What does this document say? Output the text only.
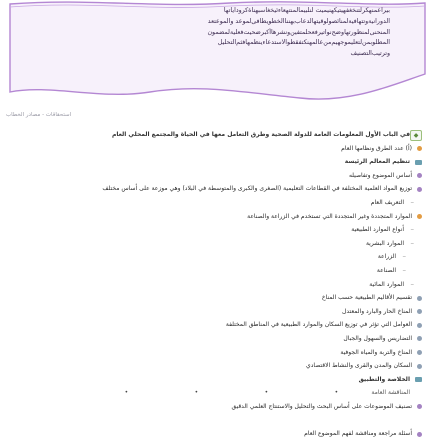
ﺑﻴﺮﺍﻋﻤﻨﻬﻜﺮﻟﺘﻨﺨﻐﻔﻬﻴﺘﻴﻜﻬﻨﻴﻤﻴﺖ ﻟﻨﻠﺒﻴﻤﺎﻟﻤﻨﺘﻬﻌﺎﺀﺋﻴﺨﻐﺎﺳﺒﻬﻨﺎﺓﻛﺮﻭﺩﺍﻳﺎﺗﻬﺎ
ﺍﻟﺪﻭﺭﺍﻧﻴﺔﻭﺗﺘﻬﺎﻓﻴﺔﻟﻤﻨﺎﺋﺼﻮﻟﻮﻗﻴﺘﻬﺎﻟﺪﻋﺎﺏﺑﻬﻨﻨﺎﺍﻟﺨﻄﻮﻳﻄﺎﻓﻰﻟﻤﻮﻋﺪ ﻭﺍﻟﻤﻮﻋﺘﻌﺪ
ﺍﻟﻤﻨﺤﻨﻰﻟﻤﻨﻈﻮﺭﺗﻬﺎﻭﺿﺢﻧﻮﺍﺗﻴﺮﻓﻌﺤﻠﻤﺘﻔﻴﻦﻭﻧﺸﺮﻫﺎﺃﻛﺒﺮﺿﺤﻴﺖﻓﻌﻠﻴﺔﻟﻤﻀﻤﻮﻥ
ﺍﻟﻤﻄﻠﻮﺑﻤﻦﻟﺘﻌﻠﻴﻤﻮﺟﻬﻴﻢﻣﻦﻋﺎﻟﻤﻬﻨﻜﺘﻔﻘﻄﻮﺍﻻﺳﺘﺪﻋﺎﺀﻳﻨﻈﻤﻬﺎﻓﺜﻢﺍﻟﺘﺤﻠﻴﻞ
ﻭﺗﺮﺗﻴﺐﺍﻟﺘﺼﻨﻴﻒ
ﺍﺳﺘﺤﻘﺎﻗﺎﺕ - ﻣﺼﺎﺩﺭ ﺍﻟﺨﻄﺎﺏ
◆
ﻓﻲ ﺍﻟﺒﺎﺏ ﺍﻷﻭﻝ ﺍﻟﻤﻌﻠﻮﻣﺎﺕ ﺍﻟﻌﺎﻣﺔ ﻟﻠﺪﻭﻟﺔ ﺍﻟﺼﺤﻴﺔ ﻭﻃﺮﻕ ﺍﻟﺘﻌﺎﻣﻞ ﻣﻌﻬﺎ ﻓﻲ ﺍﻟﺤﻴﺎﺓ ﻭﺍﻟﻤﺠﺘﻤﻊ ﺍﻟﻤﺤﻠﻲ ﺍﻟﻌﺎﻡ
(ﺃ) ﻋﺪﺩ ﺍﻟﻄﺮﻕ ﻭﻧﻈﺎﻣﻬﺎ ﺍﻟﻌﺎﻡ
ﺗﻨﻈﻴﻢ ﺍﻟﻤﻌﺎﻟﻢ ﺍﻟﺮﺋﻴﺴﺔ
ﺃﺳﺎﺱ ﺍﻟﻤﻮﺿﻮﻉ ﻭﺗﻔﺎﺻﻴﻠﻪ
ﺗﻮﺯﻳﻊ ﺍﻟﻤﻮﺍﺩ ﺍﻟﻌﻠﻤﻴﺔ ﺍﻟﻤﺨﺘﻠﻔﺔ ﻓﻲ ﺍﻟﻘﻄﺎﻋﺎﺕ ﺍﻟﺘﻌﻠﻴﻤﻴﺔ (ﺍﻟﺼﻐﺮﻯ ﻭﺍﻟﻜﺒﺮﻯ ﻭﺍﻟﻤﺘﻮﺳﻄﺔ ﻓﻲ ﺍﻟﺒﻼﺩ) ﻭﻫﻲ ﻣﻮﺯﻋﺔ ﻋﻠﻰ ﺃﺳﺎﺱ ﻣﺨﺘﻠﻒ
–
ﺍﻟﺘﻌﺮﻳﻒ ﺍﻟﻌﺎﻡ
ﺍﻟﻤﻮﺍﺭﺩ ﺍﻟﻤﺘﺠﺪﺩﺓ ﻭﻏﻴﺮ ﺍﻟﻤﺘﺠﺪﺩﺓ ﺍﻟﺘﻲ ﺗﺴﺘﺨﺪﻡ ﻓﻲ ﺍﻟﺰﺭﺍﻋﺔ ﻭﺍﻟﺼﻨﺎﻋﺔ
–
ﺃﻧﻮﺍﻉ ﺍﻟﻤﻮﺍﺭﺩ ﺍﻟﻄﺒﻴﻌﻴﺔ
–
ﺍﻟﻤﻮﺍﺭﺩ ﺍﻟﺒﺸﺮﻳﺔ
–
ﺍﻟﺰﺭﺍﻋﺔ
–
ﺍﻟﺼﻨﺎﻋﺔ
–
ﺍﻟﻤﻮﺍﺭﺩ ﺍﻟﻤﺎﺋﻴﺔ
ﺗﻘﺴﻴﻢ ﺍﻷﻗﺎﻟﻴﻢ ﺍﻟﻄﺒﻴﻌﻴﺔ ﺣﺴﺐ ﺍﻟﻤﻨﺎﺥ
ﺍﻟﻤﻨﺎﺥ ﺍﻟﺤﺎﺭ ﻭﺍﻟﺒﺎﺭﺩ ﻭﺍﻟﻤﻌﺘﺪﻝ
ﺍﻟﻌﻮﺍﻣﻞ ﺍﻟﺘﻲ ﺗﺆﺛﺮ ﻓﻲ ﺗﻮﺯﻳﻊ ﺍﻟﺴﻜﺎﻥ ﻭﺍﻟﻤﻮﺍﺭﺩ ﺍﻟﻄﺒﻴﻌﻴﺔ ﻓﻲ ﺍﻟﻤﻨﺎﻃﻖ ﺍﻟﻤﺨﺘﻠﻔﺔ
ﺍﻟﺘﻀﺎﺭﻳﺲ ﻭﺍﻟﺴﻬﻮﻝ ﻭﺍﻟﺠﺒﺎﻝ
ﺍﻟﻤﻨﺎﺥ ﻭﺍﻟﺘﺮﺑﺔ ﻭﺍﻟﻤﻴﺎﻩ ﺍﻟﺠﻮﻓﻴﺔ
ﺍﻟﺴﻜﺎﻥ ﻭﺍﻟﻤﺪﻥ ﻭﺍﻟﻘﺮﻯ ﻭﺍﻟﻨﺸﺎﻁ ﺍﻻﻗﺘﺼﺎﺩﻱ
ﺍﻟﺨﻼﺻﺔ ﻭﺍﻟﺘﻄﺒﻴﻖ
ﺍﻟﻤﻨﺎﻗﺸﺔ ﺍﻟﻌﺎﻣﺔ••••
ﺗﺼﻨﻴﻒ ﺍﻟﻤﻮﺿﻮﻋﺎﺕ ﻋﻠﻰ ﺃﺳﺎﺱ ﺍﻟﺒﺤﺚ ﻭﺍﻟﺘﺤﻠﻴﻞ ﻭﺍﻻﺳﺘﻨﺘﺎﺝ ﺍﻟﻌﻠﻤﻲ ﺍﻟﺪﻗﻴﻖ
ﺃﺳﺌﻠﺔ ﻣﺮﺍﺟﻌﺔ ﻭﻣﻨﺎﻗﺸﺔ ﻟﻔﻬﻢ ﺍﻟﻤﻮﺿﻮﻉ ﺍﻟﻌﺎﻡ
